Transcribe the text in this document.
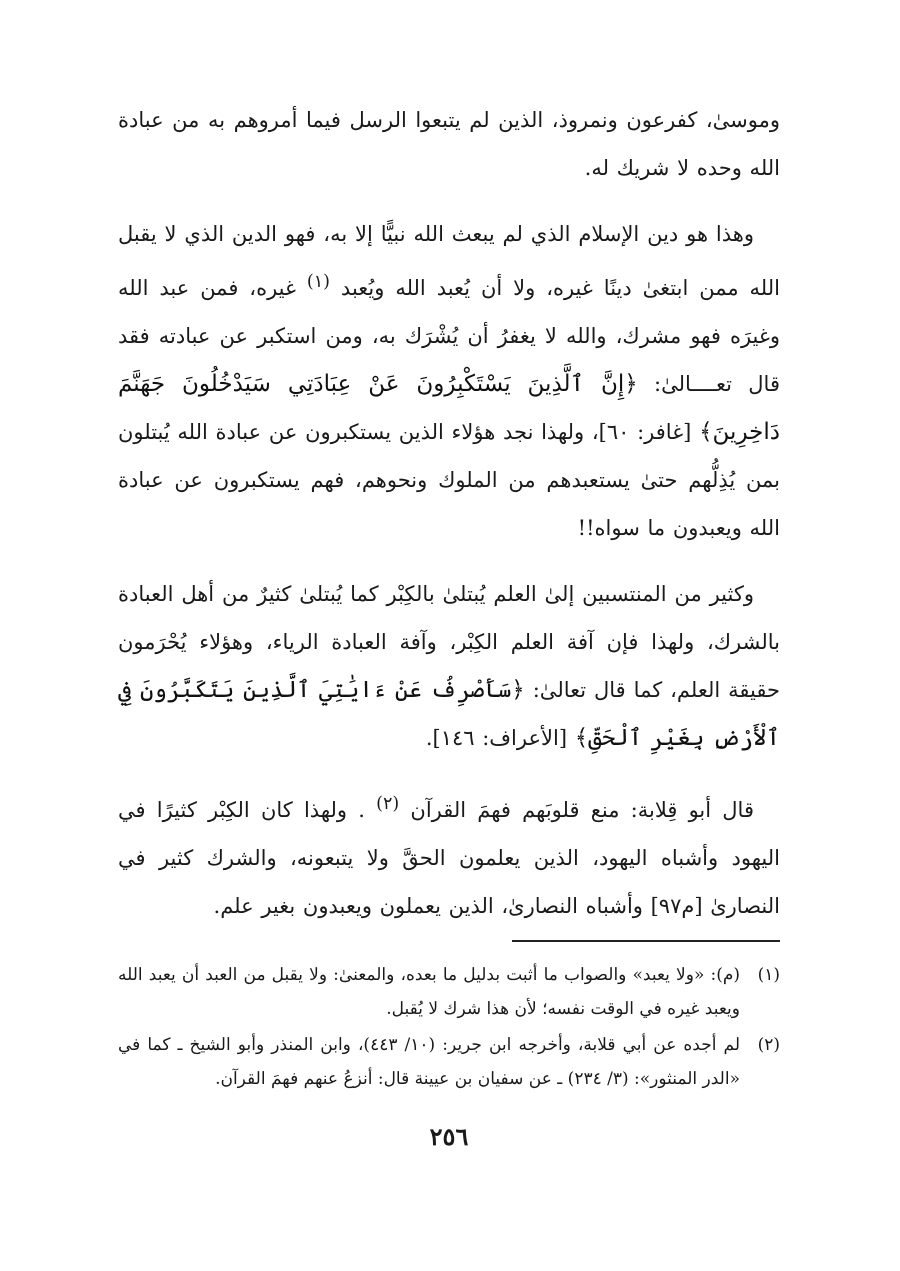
وموسىٰ، كفرعون ونمروذ، الذين لم يتبعوا الرسل فيما أمروهم به من عبادة الله وحده لا شريك له.

وهذا هو دين الإسلام الذي لم يبعث الله نبيًّا إلا به، فهو الدين الذي لا يقبل الله ممن ابتغىٰ دينًا غيره، ولا أن يُعبد الله ويُعبد $^{(١)}$ غيره، فمن عبد الله وغيرَه فهو مشرك، والله لا يغفرُ أن يُشْرَك به، ومن استكبر عن عبادته فقد قال تعــــالىٰ: ﴿إِنَّ ٱلَّذِينَ يَسْتَكْبِرُونَ عَنْ عِبَادَتِي سَيَدْخُلُونَ جَهَنَّمَ دَاخِرِينَ﴾ [غافر: ٦٠]، ولهذا نجد هؤلاء الذين يستكبرون عن عبادة الله يُبتلون بمن يُذِلُّهم حتىٰ يستعبدهم من الملوك ونحوهم، فهم يستكبرون عن عبادة الله ويعبدون ما سواه!!

وكثير من المنتسبين إلىٰ العلم يُبتلىٰ بالكِبْر كما يُبتلىٰ كثيرٌ من أهل العبادة بالشرك، ولهذا فإن آفة العلم الكِبْر، وآفة العبادة الرياء، وهؤلاء يُحْرَمون حقيقة العلم، كما قال تعالىٰ: ﴿سَأَصْرِفُ عَنْ ءَايَٰتِيَ ٱلَّذِينَ يَتَكَبَّرُونَ فِي ٱلْأَرْضِ بِغَيْرِ ٱلْحَقِّ﴾ [الأعراف: ١٤٦].

قال أبو قِلابة: منع قلوبَهم فهمَ القرآن $^{(٢)}$ . ولهذا كان الكِبْر كثيرًا في اليهود وأشباه اليهود، الذين يعلمون الحقَّ ولا يتبعونه، والشرك كثير في النصارىٰ [م٩٧] وأشباه النصارىٰ، الذين يعملون ويعبدون بغير علم.

(١)
(م): «ولا يعبد» والصواب ما أثبت بدليل ما بعده، والمعنىٰ: ولا يقبل من العبد أن يعبد الله ويعبد غيره في الوقت نفسه؛ لأن هذا شرك لا يُقبل.

(٢)
لم أجده عن أبي قلابة، وأخرجه ابن جرير: (١٠/ ٤٤٣)، وابن المنذر وأبو الشيخ ـ كما في «الدر المنثور»: (٣/ ٢٣٤) ـ عن سفيان بن عيينة قال: أنزعُ عنهم فهمَ القرآن.

٢٥٦
